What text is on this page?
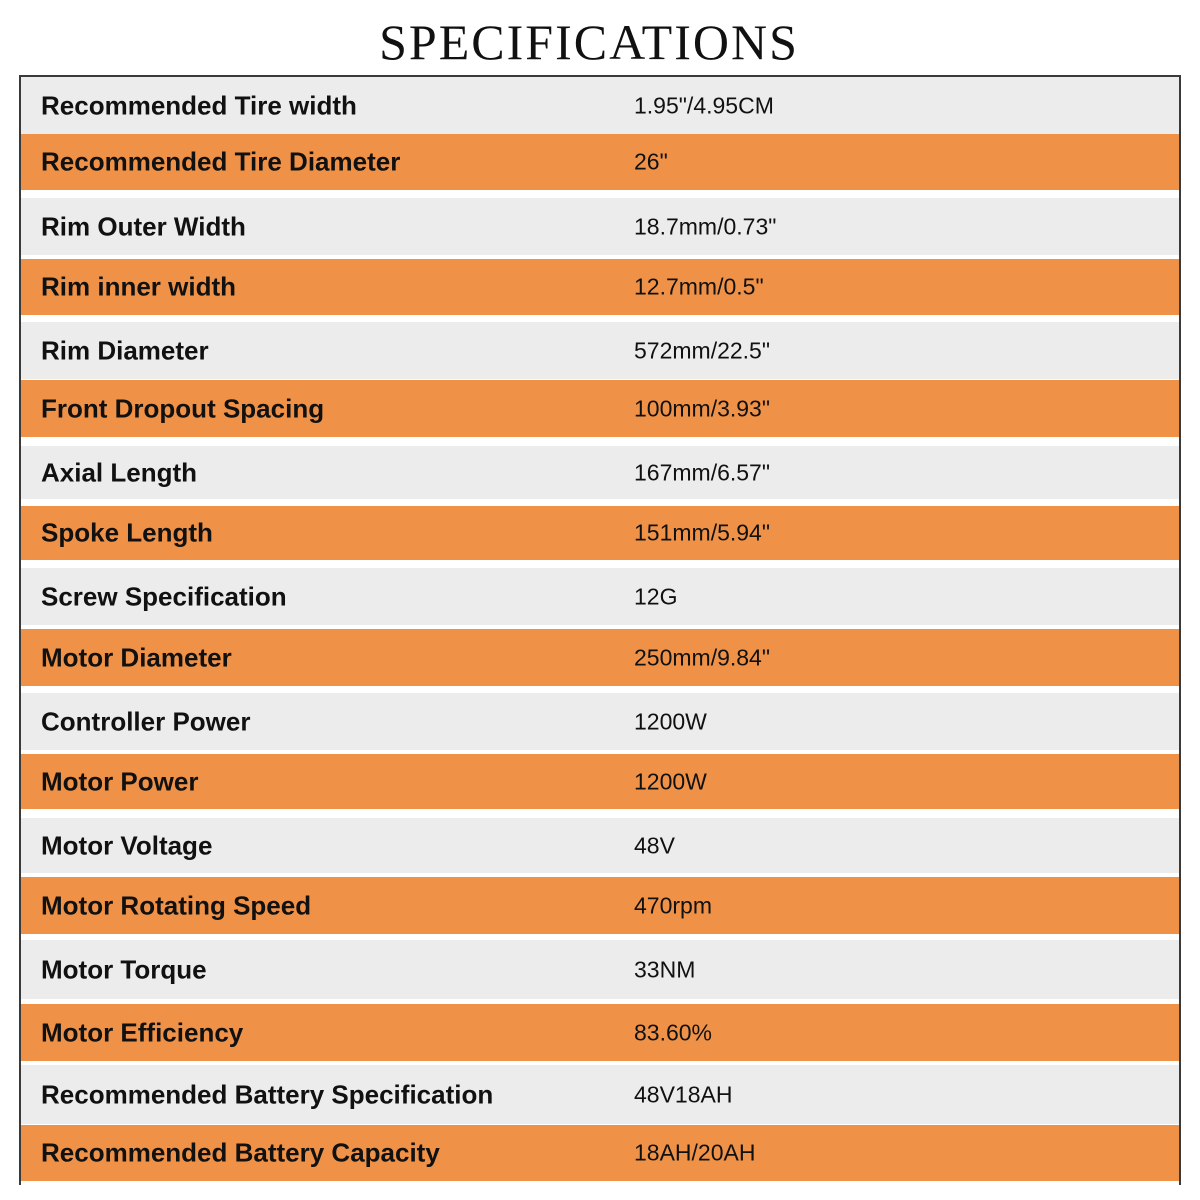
SPECIFICATIONS
Recommended Tire width	1.95"/4.95CM
Recommended Tire Diameter	26"
Rim Outer Width	18.7mm/0.73"
Rim inner width	12.7mm/0.5"
Rim Diameter	572mm/22.5"
Front Dropout Spacing	100mm/3.93"
Axial Length	167mm/6.57"
Spoke Length	151mm/5.94"
Screw Specification	12G
Motor Diameter	250mm/9.84"
Controller Power	1200W
Motor Power	1200W
Motor Voltage	48V
Motor Rotating Speed	470rpm
Motor Torque	33NM
Motor Efficiency	83.60%
Recommended Battery Specification	48V18AH
Recommended Battery Capacity	18AH/20AH
